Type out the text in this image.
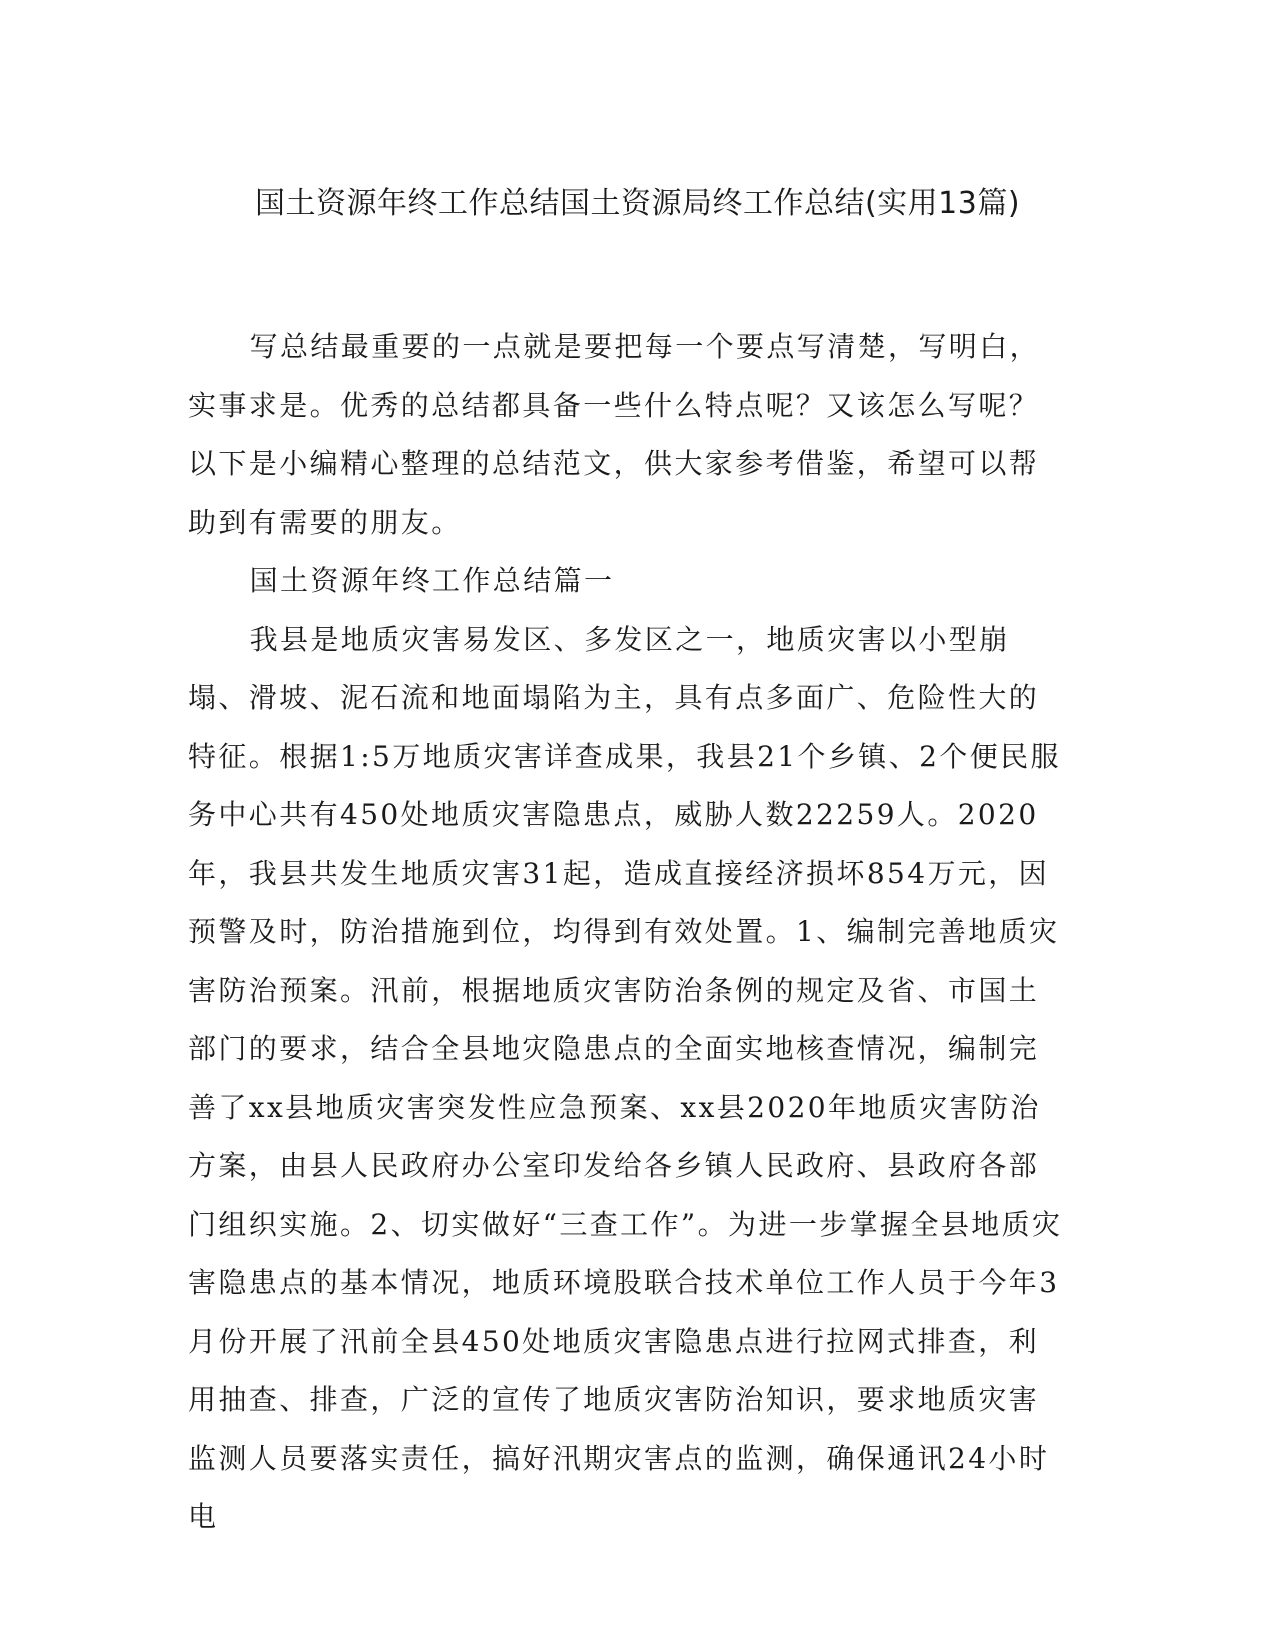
国土资源年终工作总结国土资源局终工作总结(实用13篇)

写总结最重要的一点就是要把每一个要点写清楚，写明白，实事求是。优秀的总结都具备一些什么特点呢？又该怎么写呢？以下是小编精心整理的总结范文，供大家参考借鉴，希望可以帮助到有需要的朋友。

国土资源年终工作总结篇一

我县是地质灾害易发区、多发区之一，地质灾害以小型崩塌、滑坡、泥石流和地面塌陷为主，具有点多面广、危险性大的特征。根据1:5万地质灾害详查成果，我县21个乡镇、2个便民服务中心共有450处地质灾害隐患点，威胁人数22259人。2020年，我县共发生地质灾害31起，造成直接经济损坏854万元，因预警及时，防治措施到位，均得到有效处置。1、编制完善地质灾害防治预案。汛前，根据地质灾害防治条例的规定及省、市国土部门的要求，结合全县地灾隐患点的全面实地核查情况，编制完善了xx县地质灾害突发性应急预案、xx县2020年地质灾害防治方案，由县人民政府办公室印发给各乡镇人民政府、县政府各部门组织实施。2、切实做好“三查工作”。为进一步掌握全县地质灾害隐患点的基本情况，地质环境股联合技术单位工作人员于今年3月份开展了汛前全县450处地质灾害隐患点进行拉网式排查，利用抽查、排查，广泛的宣传了地质灾害防治知识，要求地质灾害监测人员要落实责任，搞好汛期灾害点的监测，确保通讯24小时电
